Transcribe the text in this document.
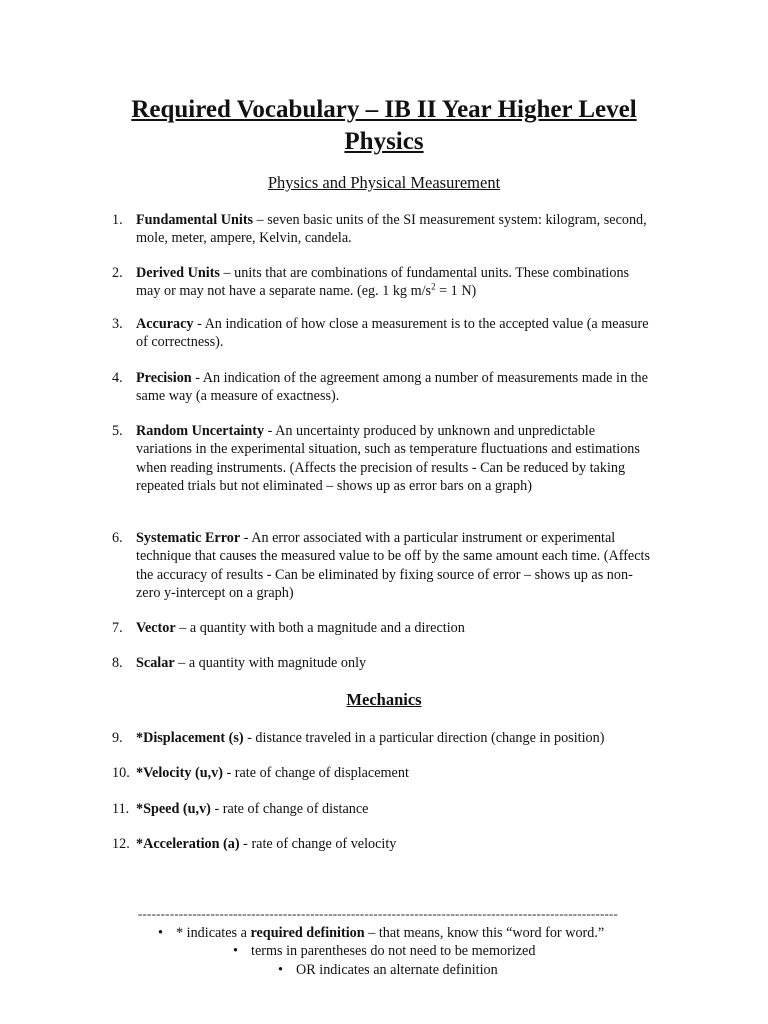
Required Vocabulary – IB II Year Higher Level
Physics
Physics and Physical Measurement
1. Fundamental Units – seven basic units of the SI measurement system: kilogram, second, mole, meter, ampere, Kelvin, candela.
2. Derived Units – units that are combinations of fundamental units. These combinations may or may not have a separate name. (eg. 1 kg $m/s^2 = 1$ N)
3. Accuracy - An indication of how close a measurement is to the accepted value (a measure of correctness).
4. Precision - An indication of the agreement among a number of measurements made in the same way (a measure of exactness).
5. Random Uncertainty - An uncertainty produced by unknown and unpredictable variations in the experimental situation, such as temperature fluctuations and estimations when reading instruments. (Affects the precision of results - Can be reduced by taking repeated trials but not eliminated – shows up as error bars on a graph)
6. Systematic Error - An error associated with a particular instrument or experimental technique that causes the measured value to be off by the same amount each time. (Affects the accuracy of results - Can be eliminated by fixing source of error – shows up as non-zero y-intercept on a graph)
7. Vector – a quantity with both a magnitude and a direction
8. Scalar – a quantity with magnitude only
Mechanics
9. *Displacement (s) - distance traveled in a particular direction (change in position)
10. *Velocity (u,v) - rate of change of displacement
11. *Speed (u,v) - rate of change of distance
12. *Acceleration (a) - rate of change of velocity
----------------------------------------------------------------------------------------------------------
• * indicates a required definition – that means, know this “word for word.”
• terms in parentheses do not need to be memorized
• OR indicates an alternate definition
